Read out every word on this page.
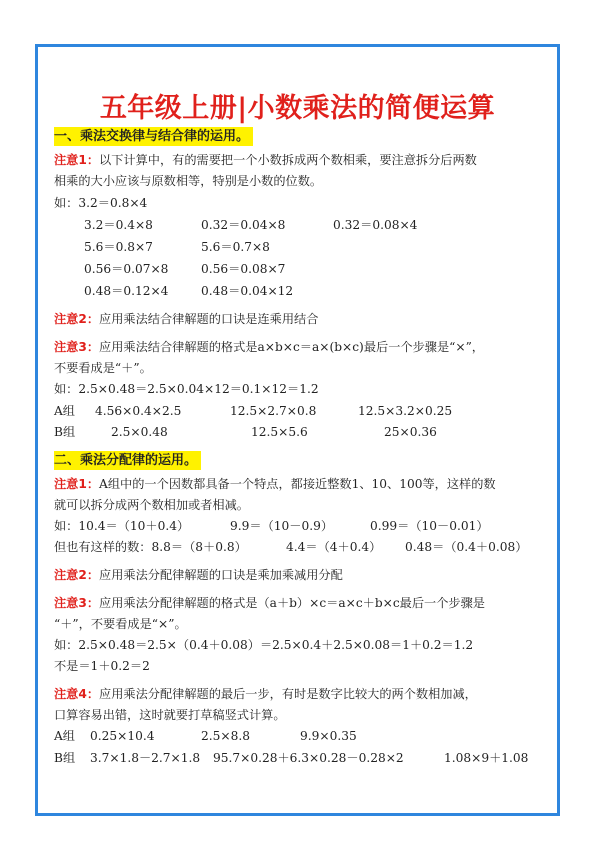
五年级上册|小数乘法的简便运算
一、乘法交换律与结合律的运用。
注意1：以下计算中，有的需要把一个小数拆成两个数相乘，要注意拆分后两数
相乘的大小应该与原数相等，特别是小数的位数。
如：3.2＝0.8×4
3.2＝0.4×8	0.32＝0.04×8	0.32＝0.08×4
5.6＝0.8×7	5.6＝0.7×8
0.56＝0.07×8	0.56＝0.08×7
0.48＝0.12×4	0.48＝0.04×12
注意2：应用乘法结合律解题的口诀是连乘用结合
注意3：应用乘法结合律解题的格式是a×b×c＝a×(b×c)最后一个步骤是“×”，
不要看成是“＋”。
如：2.5×0.48＝2.5×0.04×12＝0.1×12＝1.2
A组 4.56×0.4×2.5	12.5×2.7×0.8	12.5×3.2×0.25
B组	2.5×0.48	12.5×5.6	25×0.36
二、乘法分配律的运用。
注意1：A组中的一个因数都具备一个特点，都接近整数1、10、100等，这样的数
就可以拆分成两个数相加或者相减。
如：10.4＝（10＋0.4）	9.9＝（10－0.9）	0.99＝（10－0.01）
但也有这样的数：8.8＝（8＋0.8）	4.4＝（4＋0.4） 0.48＝（0.4＋0.08）
注意2：应用乘法分配律解题的口诀是乘加乘减用分配
注意3：应用乘法分配律解题的格式是（a＋b）×c＝a×c＋b×c最后一个步骤是
“＋”，不要看成是“×”。
如：2.5×0.48＝2.5×（0.4＋0.08）＝2.5×0.4＋2.5×0.08＝1＋0.2＝1.2
不是＝1＋0.2＝2
注意4：应用乘法分配律解题的最后一步，有时是数字比较大的两个数相加减，
口算容易出错，这时就要打草稿竖式计算。
A组 0.25×10.4	2.5×8.8	9.9×0.35
B组 3.7×1.8－2.7×1.8 95.7×0.28＋6.3×0.28－0.28×2	1.08×9＋1.08
